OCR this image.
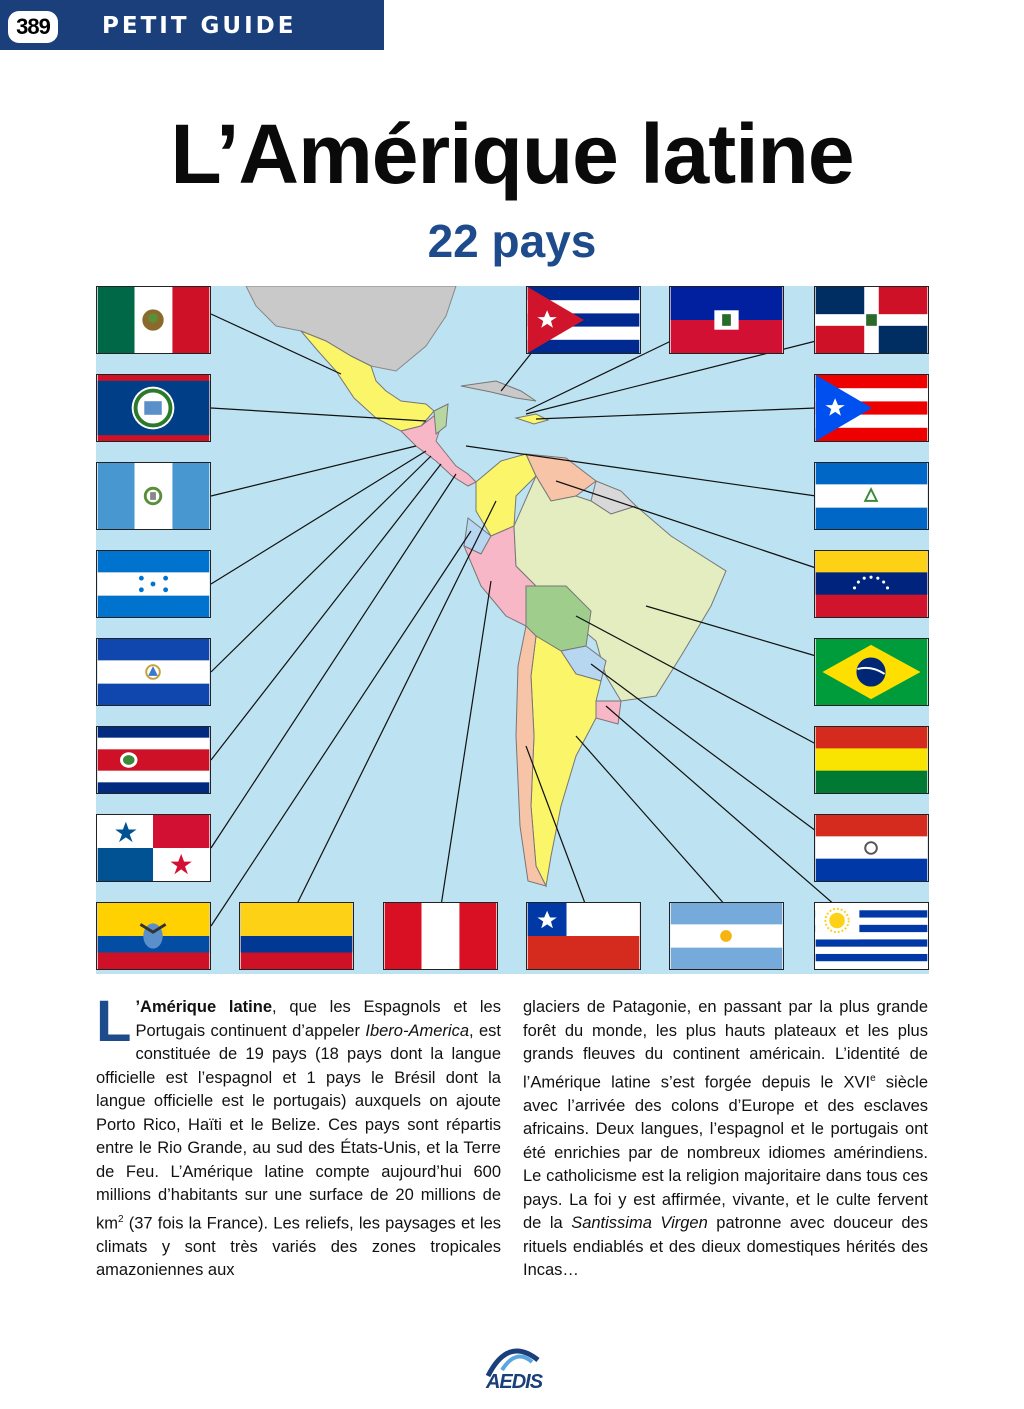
389	PETIT GUIDE
L’Amérique latine
22 pays
L ’Amérique latine, que les Espagnols et les Portugais continuent d’appeler Ibero-America, est constituée de 19 pays (18 pays dont la langue officielle est l’espagnol et 1 pays le Brésil dont la langue officielle est le portugais) auxquels on ajoute Porto Rico, Haïti et le Belize. Ces pays sont répartis entre le Rio Grande, au sud des États-Unis, et la Terre de Feu. L’Amérique latine compte aujourd’hui 600 millions d’habitants sur une surface de 20 millions de $km^2$ (37 fois la France). Les reliefs, les paysages et les climats y sont très variés des zones tropicales amazoniennes aux
glaciers de Patagonie, en passant par la plus grande forêt du monde, les plus hauts plateaux et les plus grands fleuves du continent américain. L’identité de l’Amérique latine s’est forgée depuis le XVIe siècle avec l’arrivée des colons d’Europe et des esclaves africains. Deux langues, l’espagnol et le portugais ont été enrichies par de nombreux idiomes amérindiens. Le catholicisme est la religion majoritaire dans tous ces pays. La foi y est affirmée, vivante, et le culte fervent de la Santissima Virgen patronne avec douceur des rituels endiablés et des dieux domestiques hérités des Incas…
AEDIS
